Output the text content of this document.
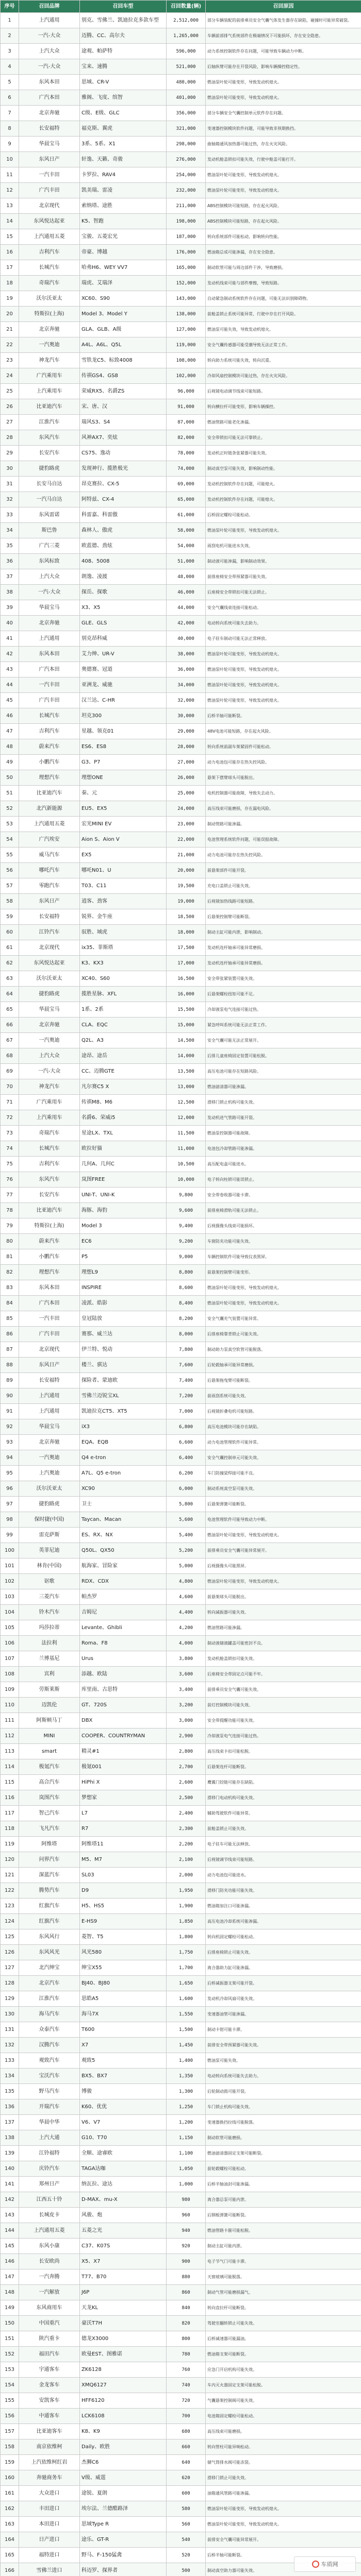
序号	召回品牌	召回车型	召回数量(辆)	召回原因
1	上汽通用	别克、雪佛兰、凯迪拉克多款车型	2,512,000	部分车辆装配的前排乘员安全气囊气体发生器存在缺陷，碰撞时可能异常破裂。
2	一汽-大众	迈腾、CC、高尔夫	1,265,000	车辆前部排气系统部件在极端情况下可能损坏，存在安全隐患。
3	上汽大众	途观、帕萨特	596,000	动力系统控制软件存在问题，可能导致车辆动力中断。
4	一汽-大众	宝来、速腾	521,000	后轴纵臂可能存在开裂风险，影响车辆操控稳定性。
5	东风本田	思域、CR-V	480,000	燃油泵叶轮可能变形，导致发动机熄火。
6	广汽本田	雅阁、飞度、缤智	401,000	燃油泵叶轮可能变形，导致发动机熄火。
7	北京奔驰	C级、E级、GLC	356,000	部分车辆安全气囊控制单元软件存在问题。
8	长安福特	福克斯、翼虎	321,000	变速器控制模块软件问题，可能导致非预期换挡。
9	华晨宝马	3系、5系、X1	298,000	曲轴箱通风加热器可能过热，存在火灾风险。
10	东风日产	轩逸、天籁、奇骏	276,000	发动机舱盖锁扣可能失效，行驶中舱盖可能打开。
11	一汽丰田	卡罗拉、RAV4	254,000	燃油泵叶轮可能变形，导致发动机熄火。
12	广汽丰田	凯美瑞、雷凌	232,000	燃油泵叶轮可能变形，导致发动机熄火。
13	北京现代	索纳塔、途胜	211,000	ABS控制模块可能短路，存在起火风险。
14	东风悦达起亚	K5、智跑	198,000	ABS控制模块可能短路，存在起火风险。
15	上汽通用五菱	宝骏、五菱宏光	187,000	转向系统部件可能松动，影响转向性能。
16	吉利汽车	帝豪、博越	176,000	燃油箱总成可能渗漏，存在安全隐患。
17	长城汽车	哈弗H6、WEY VV7	165,000	制动软管可能与周边部件干涉，导致磨损。
18	奇瑞汽车	瑞虎、艾瑞泽	152,000	发动机线束可能与部件摩擦，导致短路。
19	沃尔沃亚太	XC60、S90	143,000	自动紧急制动系统软件存在问题，可能无法识别障碍物。
20	特斯拉(上海)	Model 3、Model Y	138,000	前舱盖锁止系统可能异常，行驶中存在打开风险。
21	北京奔驰	GLA、GLB、A级	127,000	燃油泵可能失效，导致发动机熄火。
22	一汽奥迪	A4L、A6L、Q5L	119,000	安全气囊传感器可能受潮导致无法正常工作。
23	神龙汽车	雪铁龙C5、标致4008	108,000	转向助力系统可能失效，转向沉重。
24	广汽乘用车	传祺GS4、GS8	102,000	冷却风扇控制模块可能过热，存在火灾风险。
25	上汽乘用车	荣威RX5、名爵ZS	96,000	后视镜电动调节线束可能短路。
26	比亚迪汽车	宋、唐、汉	91,000	转向横拉杆可能变形，影响车辆操控。
27	江淮汽车	瑞风S3、S4	87,000	燃油管路可能老化渗漏。
28	东风汽车	风神AX7、奕炫	82,000	安全带锁扣可能无法可靠锁止。
29	长安汽车	CS75、逸动	78,000	发动机正时链条张紧器可能失效。
30	捷豹路虎	发现神行、揽胜极光	74,000	制动真空泵可能失效，影响制动性能。
31	长安马自达	昂克赛拉、CX-5	69,000	发动机控制软件存在问题，可能熄火。
32	一汽马自达	阿特兹、CX-4	65,000	发动机控制软件存在问题，可能熄火。
33	东风雷诺	科雷嘉、科雷傲	61,000	后桥固定螺栓可能松动。
34	斯巴鲁	森林人、傲虎	58,000	燃油泵叶轮可能变形，导致发动机熄火。
35	广汽三菱	欧蓝德、劲炫	54,000	雨刮电机可能进水失效。
36	东风标致	408、5008	51,000	制动液可能渗漏，影响制动效果。
37	上汽大众	朗逸、凌渡	48,000	前排座椅安全带预紧器可能失效。
38	一汽-大众	探岳、探歌	46,000	后座椅安全带锁扣可能无法锁止。
39	华晨宝马	X3、X5	44,000	安全气囊线束连接可能松动。
40	北京奔驰	GLE、GLS	42,000	电动转向系统可能失去助力。
41	上汽通用	别克昂科威	40,000	电子驻车制动可能无法正常释放。
42	东风本田	艾力绅、UR-V	38,000	燃油泵叶轮可能变形，导致发动机熄火。
43	广汽本田	奥德赛、冠道	36,000	燃油泵叶轮可能变形，导致发动机熄火。
44	一汽丰田	亚洲龙、威驰	34,000	燃油泵叶轮可能变形，导致发动机熄火。
45	广汽丰田	汉兰达、C-HR	32,000	燃油泵叶轮可能变形，导致发动机熄火。
46	长城汽车	坦克300	30,000	后桥半轴可能断裂。
47	吉利汽车	星越、领克01	29,000	48V电池可能短路，存在起火风险。
48	蔚来汽车	ES6、ES8	28,000	转向系统前副车架紧固件可能松动。
49	小鹏汽车	G3、P7	27,000	动力电池包可能存在热失控风险。
50	理想汽车	理想ONE	26,000	悬架下摆臂球头可能脱出。
51	比亚迪汽车	秦、元	25,000	电机控制器可能故障，导致失去动力。
52	北汽新能源	EU5、EX5	24,000	高压线束可能磨损，存在漏电风险。
53	上汽通用五菱	宏光MINI EV	23,000	制动管路可能渗漏。
54	广汽埃安	Aion S、Aion V	22,000	电池管理系统软件问题，可能误报故障。
55	威马汽车	EX5	21,000	动力电池可能存在热失控风险。
56	哪吒汽车	哪吒N01、U	20,000	前悬架部件可能开裂。
57	零跑汽车	T03、C11	19,500	充电口盖锁止可能失效。
58	东风日产	逍客、劲客	19,000	后视镜加热线路可能短路。
59	长安福特	锐界、金牛座	18,500	后悬架控制臂可能断裂。
60	江铃汽车	驭胜、域虎	18,000	制动主缸可能内泄，影响制动。
61	北京现代	ix35、菲斯塔	17,500	发动机连杆轴承可能异常磨损。
62	东风悦达起亚	K3、KX3	17,000	发动机连杆轴承可能异常磨损。
63	沃尔沃亚太	XC40、S60	16,500	安全带张紧装置可能失效。
64	捷豹路虎	揽胜星脉、XFL	16,000	后悬架螺栓扭矩可能不足。
65	华晨宝马	1系、2系	15,500	冷却液泵电气连接可能过热。
66	北京奔驰	CLA、EQC	15,000	紧急呼叫系统可能无法正常工作。
67	一汽奥迪	Q2L、A3	14,500	安全气囊可能无法正常展开。
68	上汽大众	途昂、途岳	14,000	后排儿童座椅固定装置可能松脱。
69	一汽-大众	CC、迈腾GTE	13,500	高压电池可能存在短路风险。
70	神龙汽车	凡尔赛C5 X	13,000	燃油滤清器可能渗漏。
71	广汽乘用车	传祺M8、M6	12,500	滑移门锁止机构可能失效。
72	上汽乘用车	名爵6、荣威i5	12,000	发动机进气管路可能开裂。
73	奇瑞汽车	星途LX、TXL	11,500	燃油泵控制器可能故障。
74	长城汽车	欧拉好猫	11,000	电池包冷却管路可能渗漏。
75	吉利汽车	几何A、几何C	10,500	高压配电盒可能进水。
76	东风汽车	岚图FREE	10,000	电子转向柱锁可能误锁止。
77	长安汽车	UNI-T、UNI-K	9,800	安全带卷收器可能卡滞。
78	比亚迪汽车	海豚、海豹	9,600	前排座椅滑轨可能无法锁止。
79	特斯拉(上海)	Model 3	9,400	后视摄像头线束可能损坏。
80	蔚来汽车	EC6	9,200	车窗防夹功能可能失效。
81	小鹏汽车	P5	9,000	车辆控制软件可能导致仪表黑屏。
82	理想汽车	理想L9	8,800	前悬架控制臂可能变形。
83	东风本田	INSPIRE	8,600	燃油泵叶轮可能变形，导致发动机熄火。
84	广汽本田	凌派、皓影	8,400	燃油泵叶轮可能变形，导致发动机熄火。
85	一汽丰田	皇冠陆放	8,200	安全气囊充气装置可能异常。
86	广汽丰田	赛那、威兰达	8,000	后排座椅靠背锁止可能失效。
87	北京现代	伊兰特、悦动	7,800	制动助力泵真空软管可能脱落。
88	东风日产	楼兰、骐达	7,600	后轮毂轴承可能异常磨损。
89	长安福特	探险者、蒙迪欧	7,400	后悬架拖曳臂可能断裂。
90	上汽通用	雪佛兰迈锐宝XL	7,200	前雨刮系统可能失效。
91	上汽通用	凯迪拉克CT5、XT5	7,000	后视镜折叠电机可能短路。
92	华晨宝马	iX3	6,800	高压电池模块可能存在缺陷。
93	北京奔驰	EQA、EQB	6,600	动力电池管理软件可能异常。
94	一汽奥迪	Q4 e-tron	6,400	安全气囊控制单元可能失效。
95	上汽奥迪	A7L、Q5 e-tron	6,200	车门防撞梁焊接可能不良。
96	沃尔沃亚太	XC90	6,000	制动系统真空泵可能失效。
97	捷豹路虎	卫士	5,800	后悬架弹簧可能断裂。
98	保时捷(中国)	Taycan、Macan	5,600	电池管理软件可能导致动力中断。
99	雷克萨斯	ES、RX、NX	5,400	燃油泵叶轮可能变形，导致发动机熄火。
100	英菲尼迪	Q50L、QX50	5,200	前排乘员安全气囊可能异常展开。
101	林肯(中国)	航海家、冒险家	5,000	后视摄像头可能黑屏。
102	讴歌	RDX、CDX	4,800	燃油泵叶轮可能变形，导致发动机熄火。
103	三菱汽车	帕杰罗	4,600	前悬架球头可能脱出。
104	铃木汽车	吉姆尼	4,400	转向减振器可能失效。
105	玛莎拉蒂	Levante、Ghibli	4,200	燃油管路可能渗漏。
106	法拉利	Roma、F8	4,000	制动液储液罐盖可能密封不良。
107	兰博基尼	Urus	3,800	发动机舱盖锁扣可能失效。
108	宾利	添越、欧陆	3,600	后座椅安全带固定点可能不牢。
109	劳斯莱斯	库里南、古思特	3,400	前排乘员安全气囊可能失效。
110	迈凯伦	GT、720S	3,200	前灯控制模块可能失效。
111	阿斯顿马丁	DBX	3,000	安全带提醒功能可能失效。
112	MINI	COOPER、COUNTRYMAN	2,900	冷却液泵电气连接可能过热。
113	smart	精灵#1	2,800	高压线束卡扣可能松脱。
114	极氪汽车	极氪001	2,700	后悬架连杆可能断裂。
115	高合汽车	HiPhi X	2,600	鹰翼门铰链可能存在缺陷。
116	岚图汽车	梦想家	2,500	滑移门电动机构可能失效。
117	智己汽车	L7	2,400	辅助驾驶软件可能异常。
118	飞凡汽车	R7	2,300	前舱盖锁止可能失效。
119	阿维塔	阿维塔11	2,200	电子驻车可能无法释放。
120	问界汽车	M5、M7	2,100	后视镜调节线束可能短路。
121	深蓝汽车	SL03	2,000	动力电池包可能进水。
122	腾势汽车	D9	1,950	滑移门防夹功能可能失效。
123	红旗汽车	H5、HS5	1,900	燃油箱加注口可能渗漏。
124	红旗汽车	E-HS9	1,850	高压电池冷却系统可能渗漏。
125	东风风行	菱智、T5	1,800	转向机固定螺栓可能松动。
126	东风风光	风光580	1,750	后排座椅锁止可能失效。
127	北汽绅宝	绅宝X55	1,700	离合器助力缸可能渗漏。
128	北京汽车	BJ40、BJ80	1,650	后桥减振器支架可能开裂。
129	江淮汽车	思皓A5	1,600	发动机冷却风扇可能失效。
130	海马汽车	海马7X	1,550	变速器油管可能渗漏。
131	众泰汽车	T600	1,500	制动卡钳可能卡滞。
132	汉腾汽车	X7	1,450	前排安全带预紧器可能失效。
133	观致汽车	观致5	1,400	燃油泵可能失效。
134	宝沃汽车	BX5、BX7	1,350	电动转向系统可能失去助力。
135	野马汽车	博骏	1,300	后轮制动鼓可能开裂。
136	开瑞汽车	K60、优优	1,250	车门锁止机构可能失效。
137	华晨中华	V6、V7	1,200	变速器换挡拉线可能脱落。
138	上汽大通	G10、T70	1,150	制动软管可能磨损。
139	江铃福特	全顺、途睿欧	1,100	燃油滤清器固定支架可能断裂。
140	庆铃汽车	TAGA达咖	1,050	前轮毂螺栓可能松动。
141	郑州日产	纳瓦拉、途达	1,000	后桥半轴油封可能渗漏。
142	江西五十铃	D-MAX、mu-X	980	离合器总泵可能内泄。
143	长城皮卡	风骏、炮	960	后钢板弹簧可能断裂。
144	上汽通用五菱	五菱之光	940	燃油管路卡箍可能松脱。
145	东风小康	C37、K07S	920	制动主缸可能内泄。
146	长安欧尚	X5、X7	900	电子节气门可能卡滞。
147	一汽奔腾	T77、B70	880	天窗玻璃可能脱落。
148	一汽解放	J6P	860	制动气管可能磨损漏气。
149	东风商用车	天龙KL	840	转向直拉杆可能断裂。
150	中国重汽	豪沃T7H	820	驾驶室翻转锁止可能失效。
151	陕汽重卡	德龙X3000	800	后桥减速器可能漏油。
152	福田汽车	欧曼EST、图雅诺	780	燃油箱支架可能断裂。
153	宇通客车	ZK6128	760	应急门开启机构可能失效。
154	金龙客车	XMQ6127	740	车内灭火器固定支架可能松脱。
155	安凯客车	HFF6120	720	气囊悬架控制阀可能失效。
156	中通客车	LCK6108	700	电池箱固定螺栓可能松动。
157	比亚迪客车	K8、K9	680	高压线束可能磨损。
158	南京依维柯	Daily、欧胜	660	转向管柱可能异响松动。
159	上汽依维柯红岩	杰狮C6	640	储气筒排水阀可能冻裂。
160	奔驰商务车	V级、威霆	620	滑移门锁止可能失效。
161	大众进口	途锐、夏朗	600	油箱通风管路可能渗漏。
162	丰田进口	埃尔法、兰德酷路泽	580	燃油泵叶轮可能变形，导致发动机熄火。
163	本田进口	思域Type R	560	燃油泵叶轮可能变形，导致发动机熄火。
164	日产进口	途乐、GT-R	540	前排安全气囊可能异常展开。
165	福特进口	野马、F-150猛禽	520	后桥半轴可能断裂。
166	雪佛兰进口	科迈罗、探界者	500	制动真空助力器可能失效。

车质网
